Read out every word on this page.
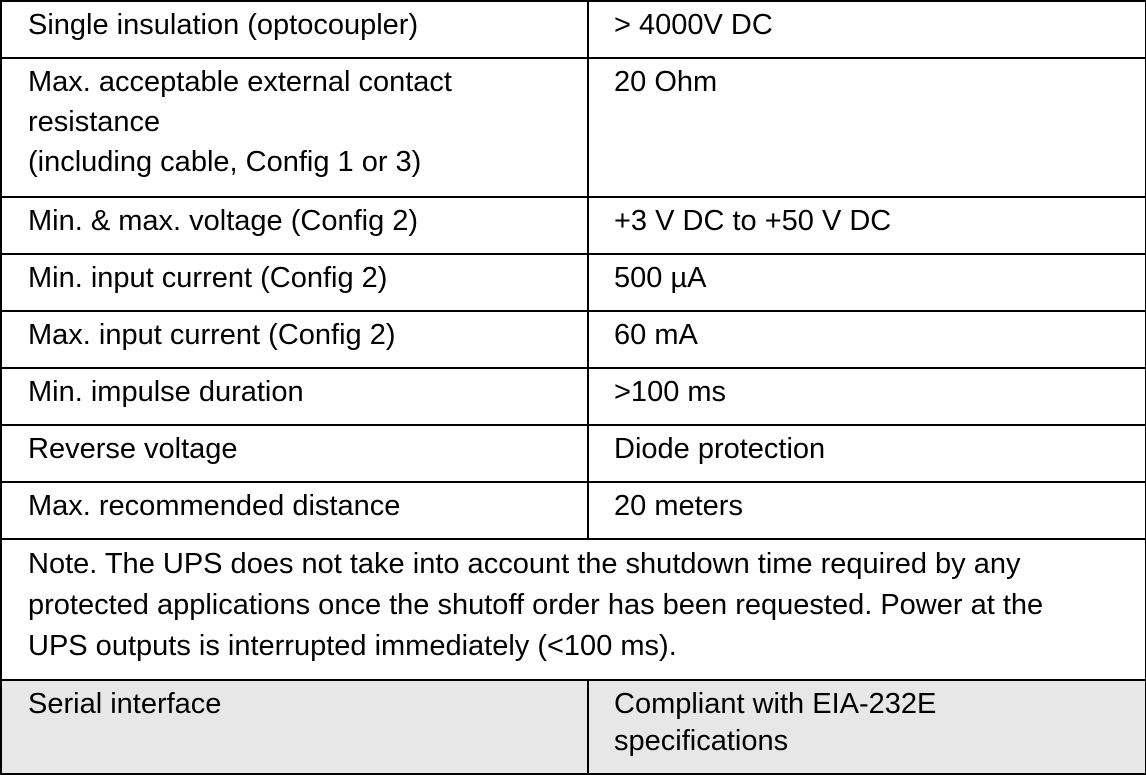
Single insulation (optocoupler)	> 4000V DC

Max. acceptable external contact
resistance
(including cable, Config 1 or 3)	20 Ohm
Min. & max. voltage (Config 2)	+3 V DC to +50 V DC
Min. input current (Config 2)	500 µA
Max. input current (Config 2)	60 mA
Min. impulse duration	>100 ms
Reverse voltage	Diode protection
Max. recommended distance	20 meters

Note. The UPS does not take into account the shutdown time required by any
protected applications once the shutoff order has been requested. Power at the
UPS outputs is interrupted immediately (<100 ms).	

Serial interface	Compliant with EIA-232E
specifications
